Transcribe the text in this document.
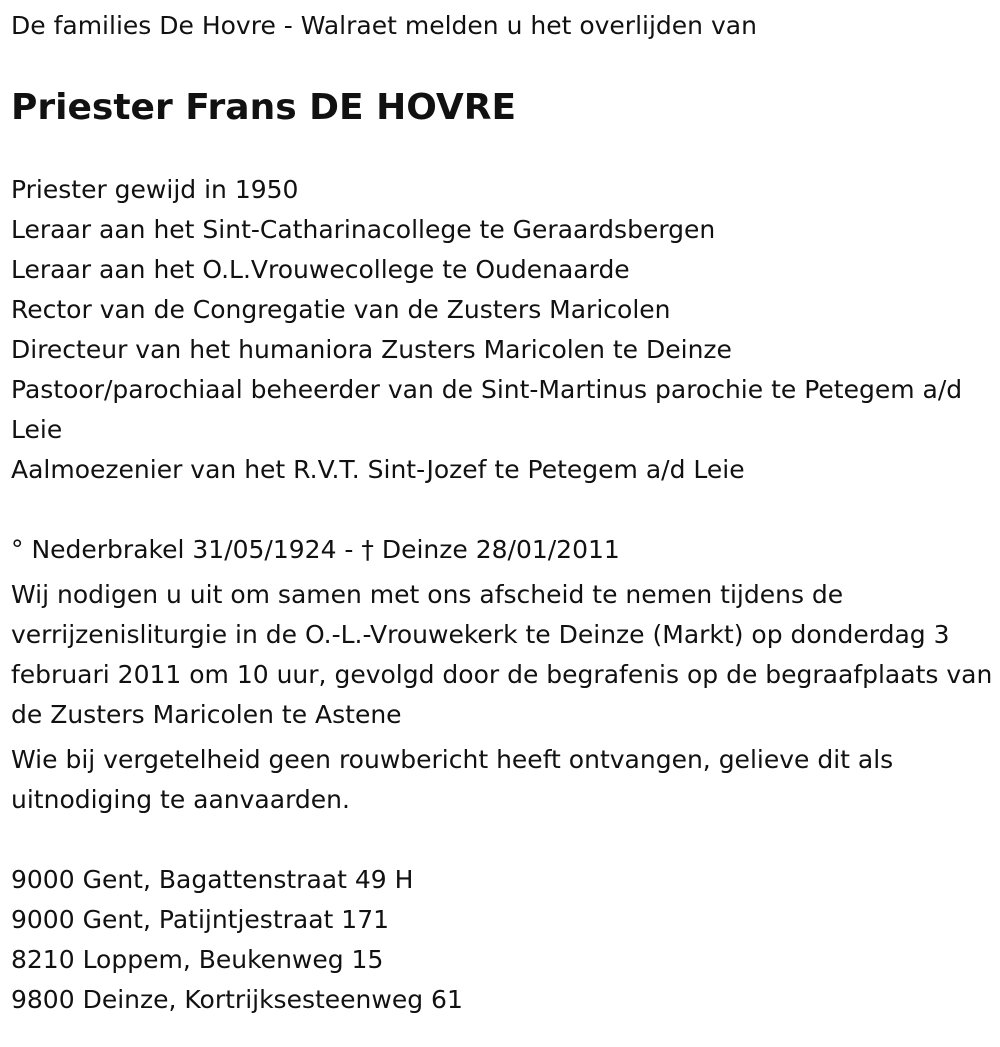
De families De Hovre - Walraet melden u het overlijden van

Priester Frans DE HOVRE
Priester gewijd in 1950
Leraar aan het Sint-Catharinacollege te Geraardsbergen
Leraar aan het O.L.Vrouwecollege te Oudenaarde
Rector van de Congregatie van de Zusters Maricolen
Directeur van het humaniora Zusters Maricolen te Deinze
Pastoor/parochiaal beheerder van de Sint-Martinus parochie te Petegem a/d Leie
Aalmoezenier van het R.V.T. Sint-Jozef te Petegem a/d Leie

° Nederbrakel 31/05/1924 - † Deinze 28/01/2011

Wij nodigen u uit om samen met ons afscheid te nemen tijdens de verrijzenisliturgie in de O.-L.-Vrouwekerk te Deinze (Markt) op donderdag 3 februari 2011 om 10 uur, gevolgd door de begrafenis op de begraafplaats van de Zusters Maricolen te Astene

Wie bij vergetelheid geen rouwbericht heeft ontvangen, gelieve dit als uitnodiging te aanvaarden.

9000 Gent, Bagattenstraat 49 H
9000 Gent, Patijntjestraat 171
8210 Loppem, Beukenweg 15
9800 Deinze, Kortrijksesteenweg 61
